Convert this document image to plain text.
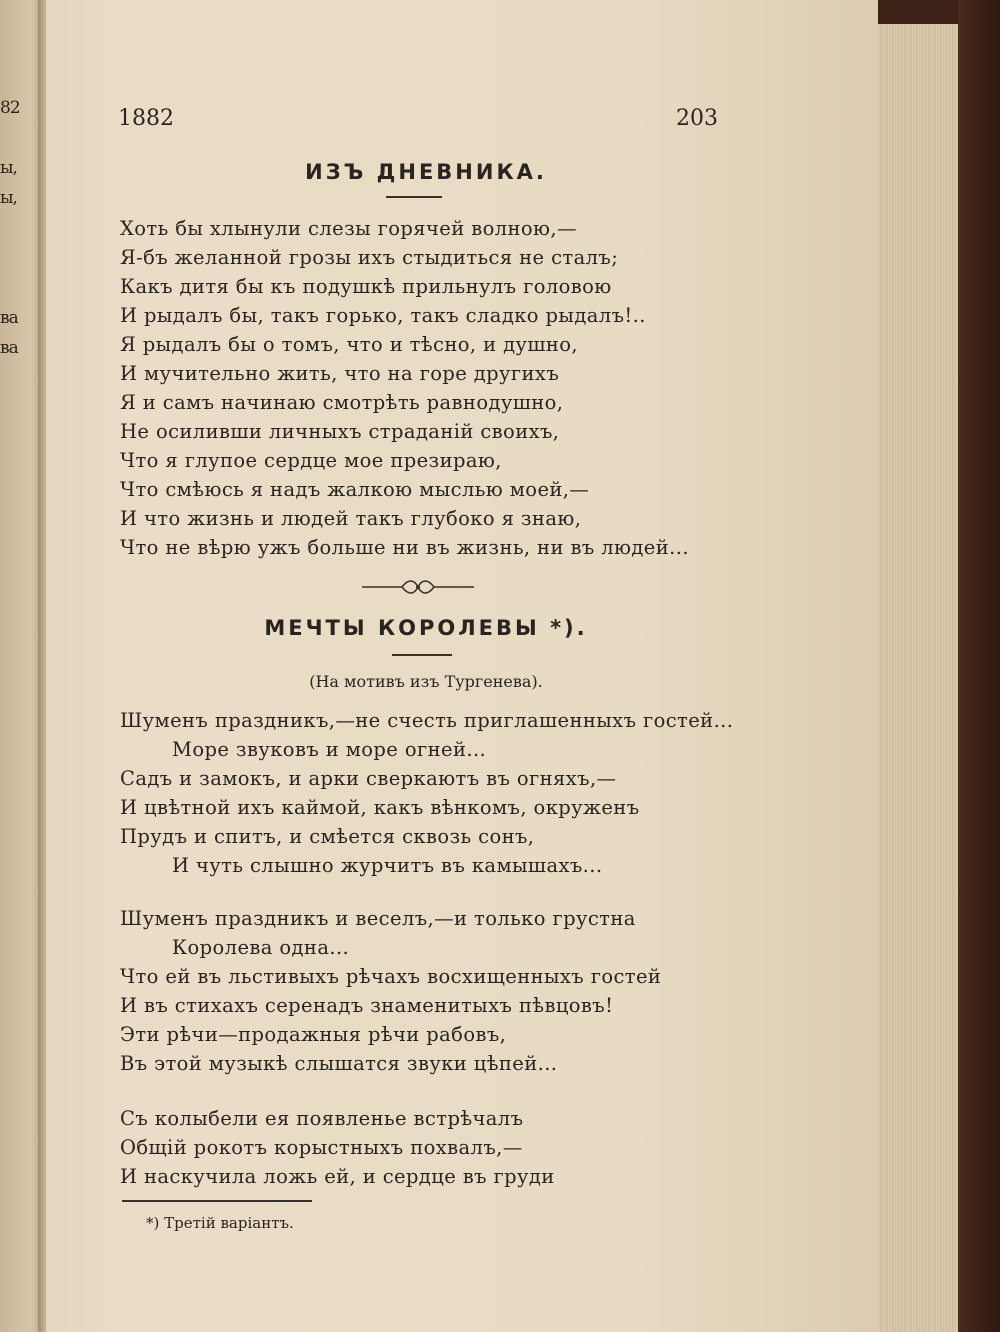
82
ы,
ы,
ва
ва
1882	203
ИЗЪ ДНЕВНИКА.
Хоть бы хлынули слезы горячей волною,—
Я-бъ желанной грозы ихъ стыдиться не сталъ;
Какъ дитя бы къ подушкѣ прильнулъ головою
И рыдалъ бы, такъ горько, такъ сладко рыдалъ!..
Я рыдалъ бы о томъ, что и тѣсно, и душно,
И мучительно жить, что на горе другихъ
Я и самъ начинаю смотрѣть равнодушно,
Не осиливши личныхъ страданій своихъ,
Что я глупое сердце мое презираю,
Что смѣюсь я надъ жалкою мыслью моей,—
И что жизнь и людей такъ глубоко я знаю,
Что не вѣрю ужъ больше ни въ жизнь, ни въ людей...
МЕЧТЫ КОРОЛЕВЫ *).
(На мотивъ изъ Тургенева).
Шуменъ праздникъ,—не счесть приглашенныхъ гостей...
Море звуковъ и море огней...
Садъ и замокъ, и арки сверкаютъ въ огняхъ,—
И цвѣтной ихъ каймой, какъ вѣнкомъ, окруженъ
Прудъ и спитъ, и смѣется сквозь сонъ,
И чуть слышно журчитъ въ камышахъ...
Шуменъ праздникъ и веселъ,—и только грустна
Королева одна...
Что ей въ льстивыхъ рѣчахъ восхищенныхъ гостей
И въ стихахъ серенадъ знаменитыхъ пѣвцовъ!
Эти рѣчи—продажныя рѣчи рабовъ,
Въ этой музыкѣ слышатся звуки цѣпей...
Съ колыбели ея появленье встрѣчалъ
Общій рокотъ корыстныхъ похвалъ,—
И наскучила ложь ей, и сердце въ груди
*) Третій варіантъ.
